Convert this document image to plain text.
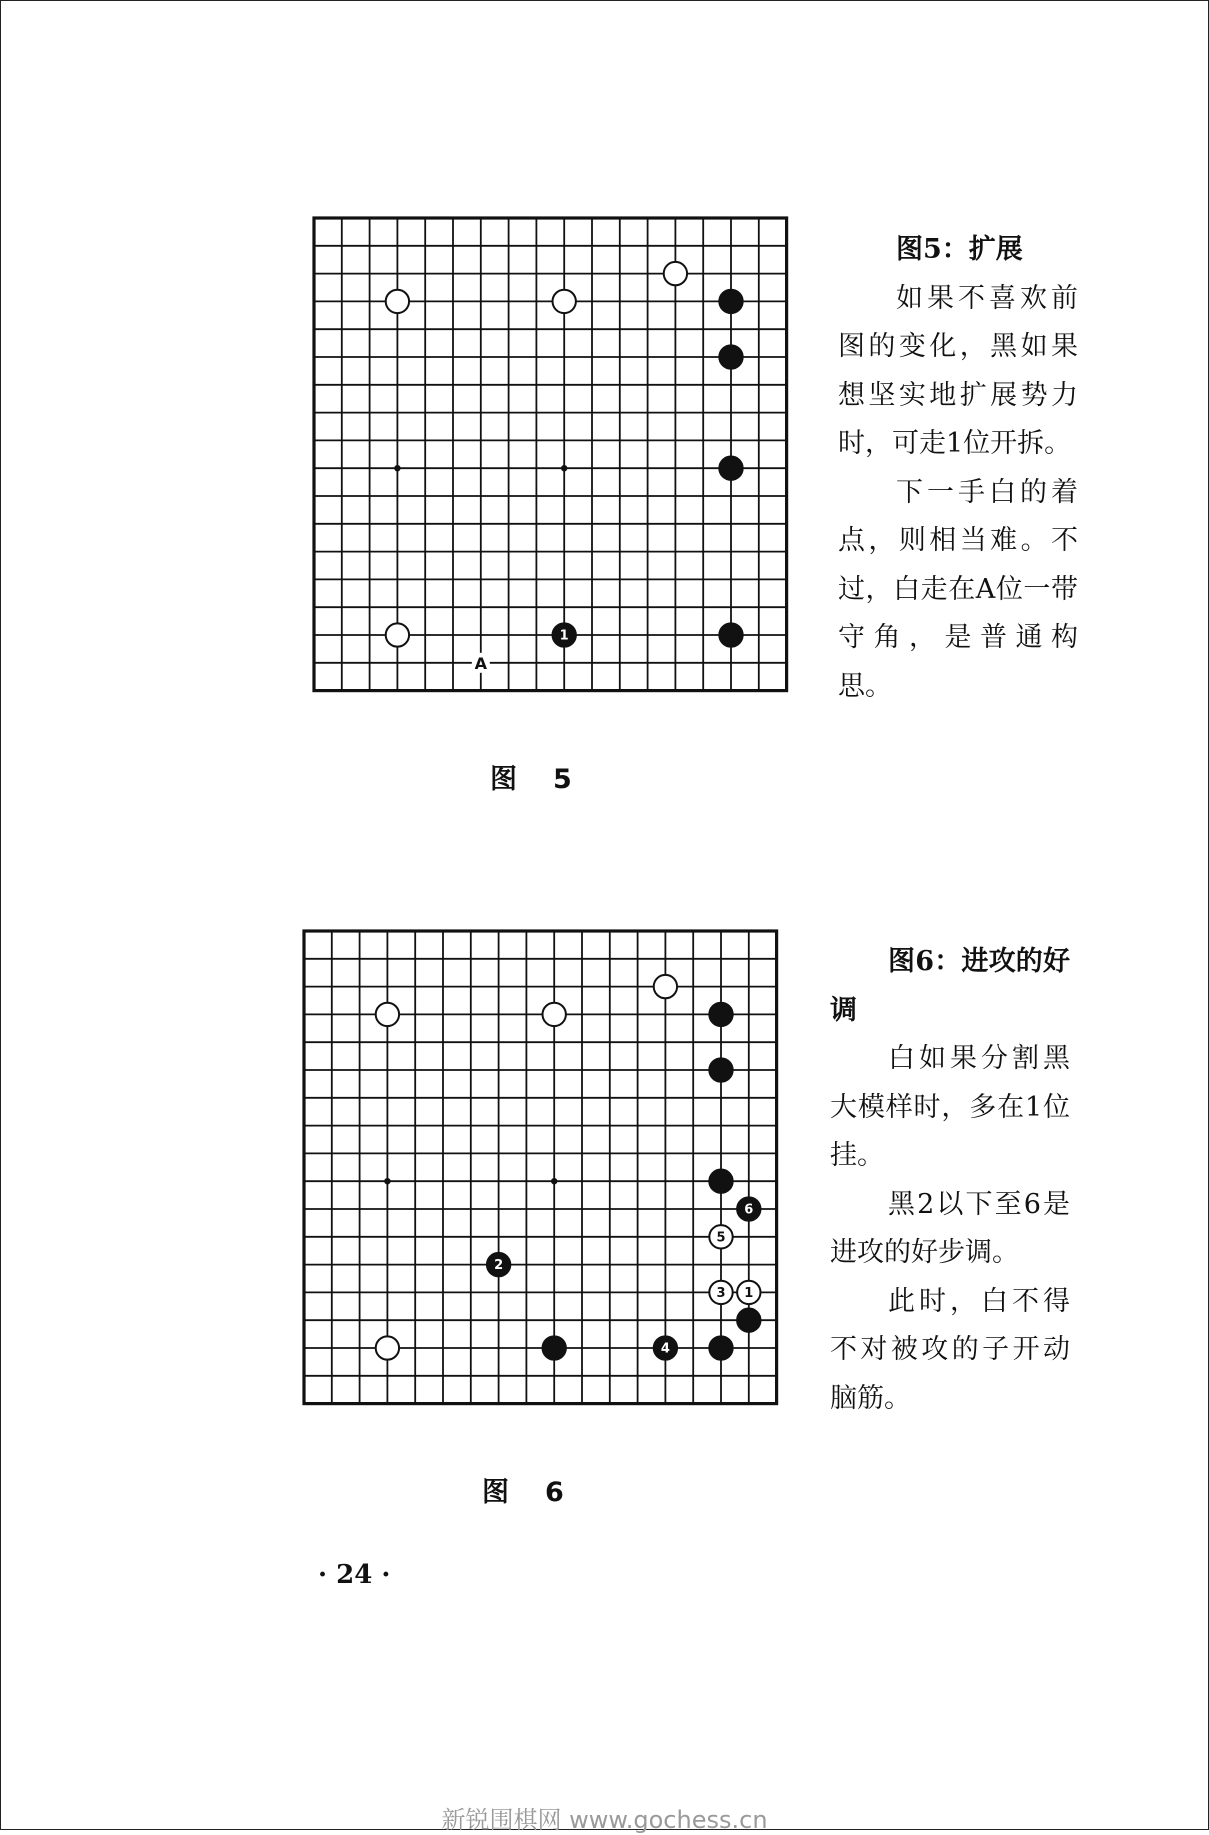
1
A
图 5

图5：扩展

如果不喜欢前图的变化，黑如果想坚实地扩展势力时，可走1位开拆。

下一手白的着点，则相当难。不过，白走在A位一带守角，是普通构思。

6
5
2
3 1
4
图 6

图6：进攻的好调

白如果分割黑大模样时，多在1位挂。

黑2以下至6是进攻的好步调。

此时，白不得不对被攻的子开动脑筋。

· 24 ·
新锐围棋网 www.gochess.cn
